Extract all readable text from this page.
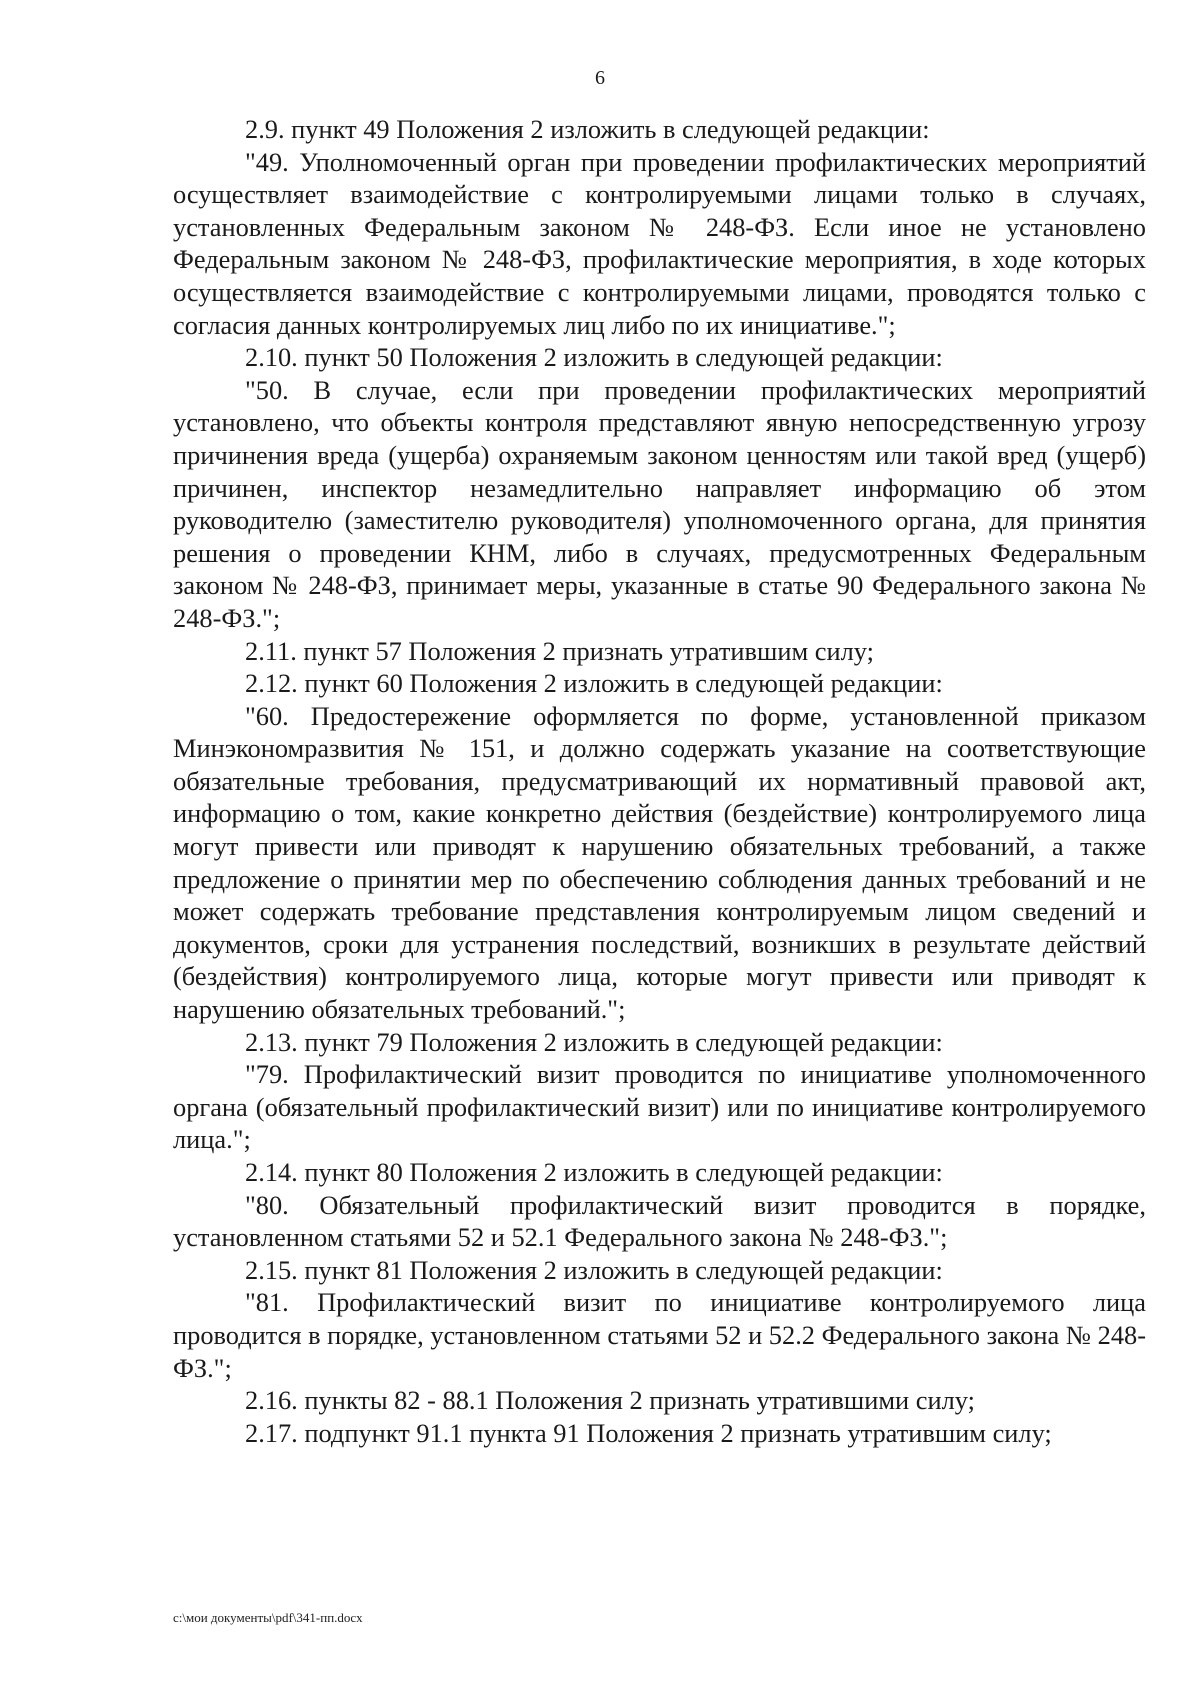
6

2.9. пункт 49 Положения 2 изложить в следующей редакции:

"49. Уполномоченный орган при проведении профилактических мероприятий осуществляет взаимодействие с контролируемыми лицами только в случаях, установленных Федеральным законом № 248-ФЗ. Если иное не установлено Федеральным законом № 248-ФЗ, профилактические мероприятия, в ходе которых осуществляется взаимодействие с контролируемыми лицами, проводятся только с согласия данных контролируемых лиц либо по их инициативе.";

2.10. пункт 50 Положения 2 изложить в следующей редакции:

"50. В случае, если при проведении профилактических мероприятий установлено, что объекты контроля представляют явную непосредственную угрозу причинения вреда (ущерба) охраняемым законом ценностям или такой вред (ущерб) причинен, инспектор незамедлительно направляет информацию об этом руководителю (заместителю руководителя) уполномоченного органа, для принятия решения о проведении КНМ, либо в случаях, предусмотренных Федеральным законом № 248-ФЗ, принимает меры, указанные в статье 90 Федерального закона № 248-ФЗ.";

2.11. пункт 57 Положения 2 признать утратившим силу;

2.12. пункт 60 Положения 2 изложить в следующей редакции:

"60. Предостережение оформляется по форме, установленной приказом Минэкономразвития № 151, и должно содержать указание на соответствующие обязательные требования, предусматривающий их нормативный правовой акт, информацию о том, какие конкретно действия (бездействие) контролируемого лица могут привести или приводят к нарушению обязательных требований, а также предложение о принятии мер по обеспечению соблюдения данных требований и не может содержать требование представления контролируемым лицом сведений и документов, сроки для устранения последствий, возникших в результате действий (бездействия) контролируемого лица, которые могут привести или приводят к нарушению обязательных требований.";

2.13. пункт 79 Положения 2 изложить в следующей редакции:

"79. Профилактический визит проводится по инициативе уполномоченного органа (обязательный профилактический визит) или по инициативе контролируемого лица.";

2.14. пункт 80 Положения 2 изложить в следующей редакции:

"80. Обязательный профилактический визит проводится в порядке, установленном статьями 52 и 52.1 Федерального закона № 248-ФЗ.";

2.15. пункт 81 Положения 2 изложить в следующей редакции:

"81. Профилактический визит по инициативе контролируемого лица проводится в порядке, установленном статьями 52 и 52.2 Федерального закона № 248-ФЗ.";

2.16. пункты 82 - 88.1 Положения 2 признать утратившими силу;

2.17. подпункт 91.1 пункта 91 Положения 2 признать утратившим силу;

c:\мои документы\pdf\341-пп.docx
